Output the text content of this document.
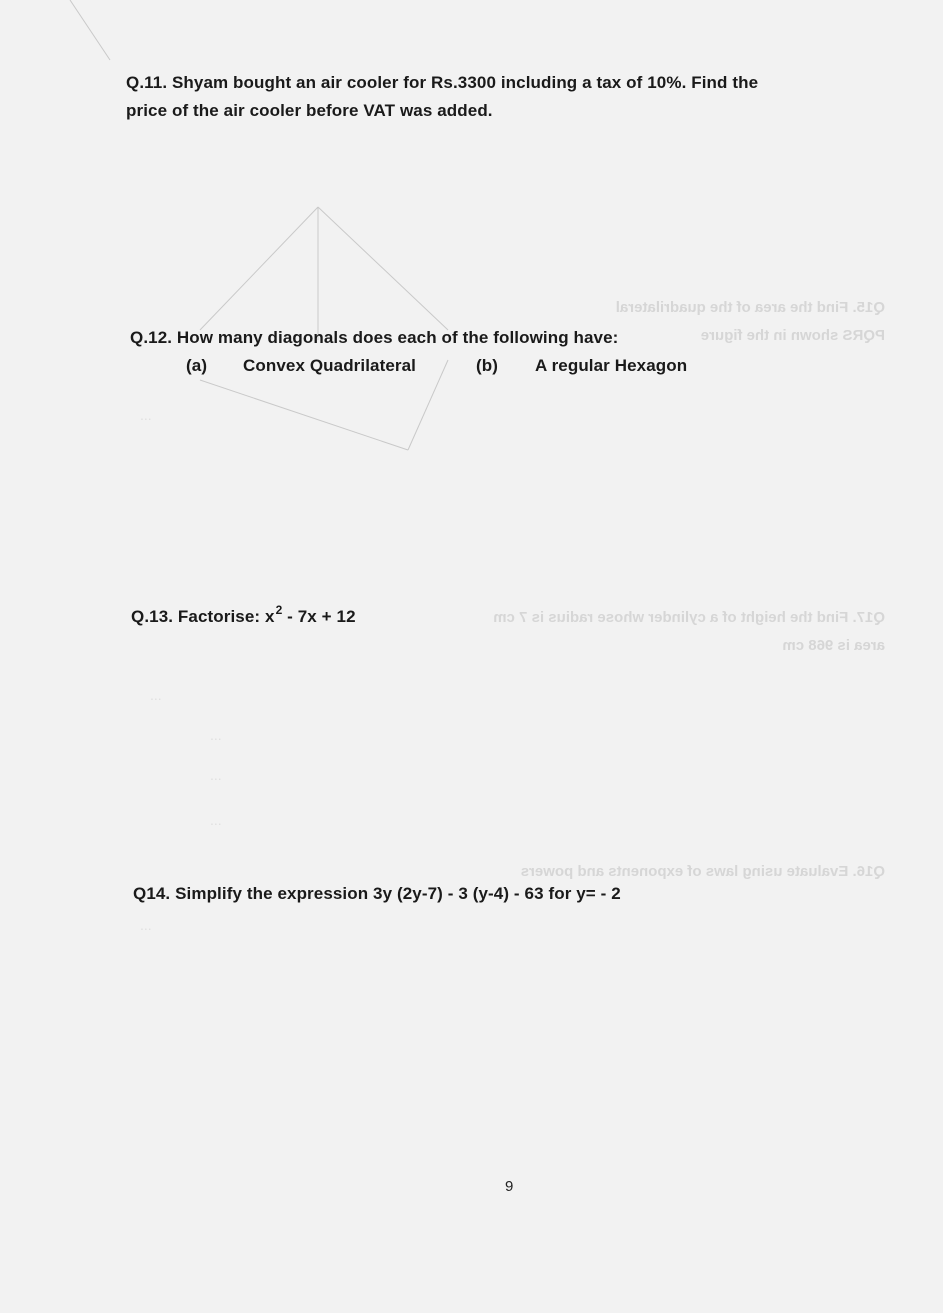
Q15. Find the area of the quadrilateral
PQRS shown in the figure
Q17. Find the height of a cylinder whose radius is 7 cm
area is 968 cm
Q16. Evaluate using laws of exponents and powers
...
...
...
...
...
...
Q.11. Shyam bought an air cooler for Rs.3300 including a tax of 10%. Find the
price of the air cooler before VAT was added.
Q.12. How many diagonals does each of the following have:
(a) Convex Quadrilateral	(b) A regular Hexagon
Q.13. Factorise: $x^2 - 7x + 12$
Q14. Simplify the expression 3y (2y-7) - 3 (y-4) - 63 for y= - 2
9
